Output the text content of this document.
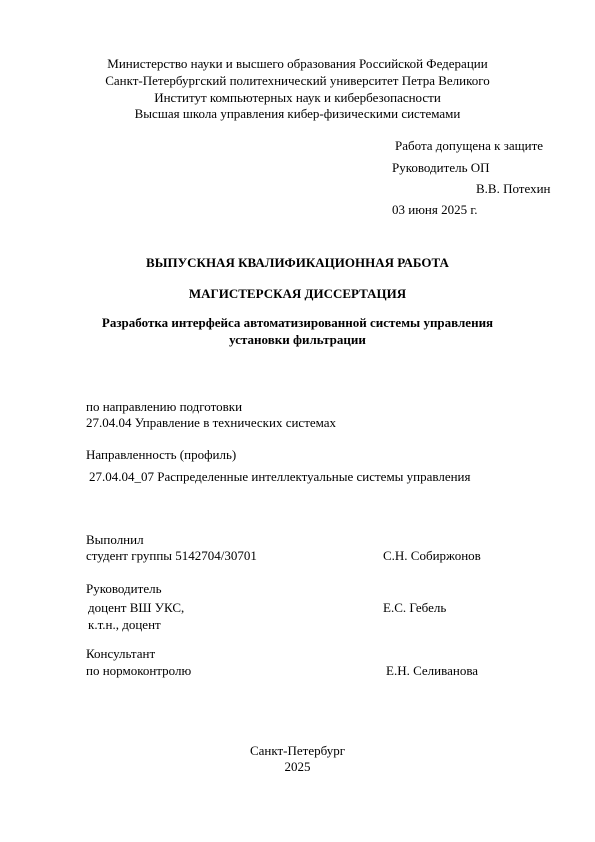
Министерство науки и высшего образования Российской Федерации
Санкт-Петербургский политехнический университет Петра Великого
Институт компьютерных наук и кибербезопасности
Высшая школа управления кибер-физическими системами
Работа допущена к защите
Руководитель ОП
В.В. Потехин
03 июня 2025 г.
ВЫПУСКНАЯ КВАЛИФИКАЦИОННАЯ РАБОТА
МАГИСТЕРСКАЯ ДИССЕРТАЦИЯ
Разработка интерфейса автоматизированной системы управления
установки фильтрации
по направлению подготовки
27.04.04 Управление в технических системах
Направленность (профиль)
27.04.04_07 Распределенные интеллектуальные системы управления
Выполнил
студент группы 5142704/30701	С.Н. Собиржонов
Руководитель
доцент ВШ УКС,	Е.С. Гебель
к.т.н., доцент
Консультант
по нормоконтролю	Е.Н. Селиванова
Санкт-Петербург
2025
